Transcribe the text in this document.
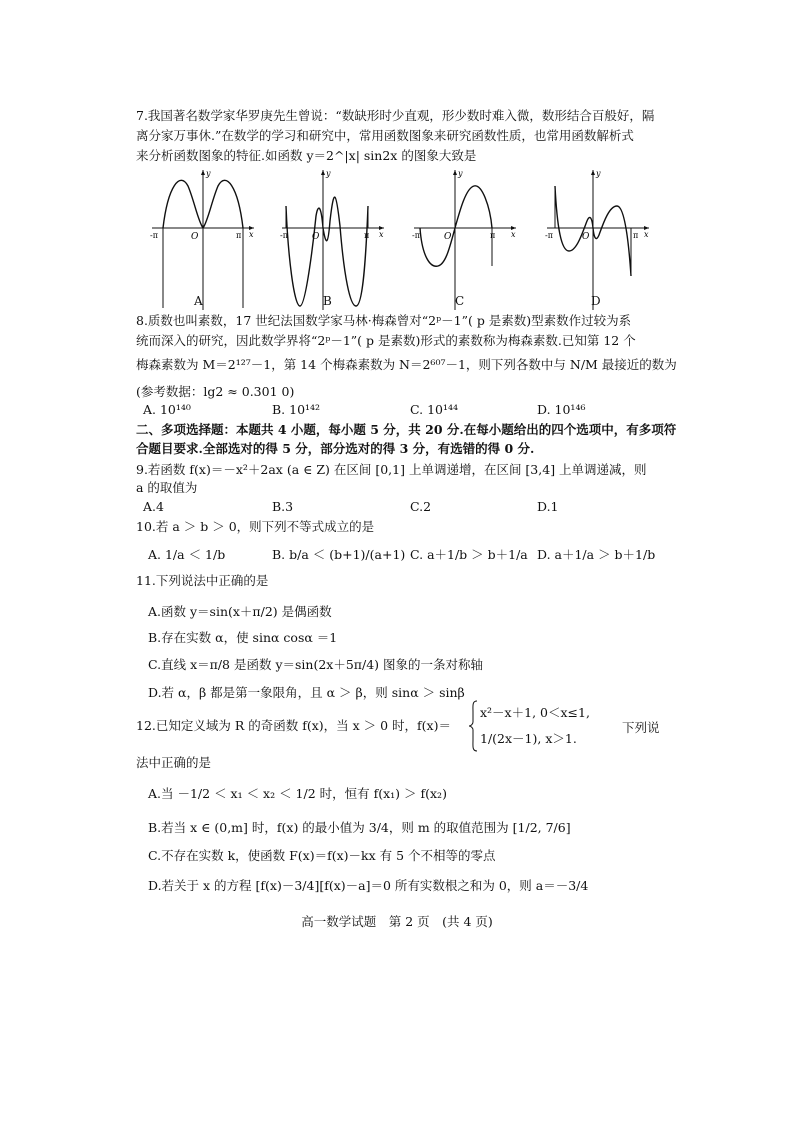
7.我国著名数学家华罗庚先生曾说：“数缺形时少直观，形少数时难入微，数形结合百般好，隔
离分家万事休.”在数学的学习和研究中，常用函数图象来研究函数性质，也常用函数解析式
来分析函数图象的特征.如函数 y＝2^|x| sin2x 的图象大致是
-π	π
O	x
y
-π	π
O	x
y
-π	π
O	x
y
-π	π
O	x
y
A	B	C	D
8.质数也叫素数，17 世纪法国数学家马林·梅森曾对“2ᵖ－1”( p 是素数)型素数作过较为系
统而深入的研究，因此数学界将“2ᵖ－1”( p 是素数)形式的素数称为梅森素数.已知第 12 个
梅森素数为 M＝2¹²⁷－1，第 14 个梅森素数为 N＝2⁶⁰⁷－1，则下列各数中与 N/M 最接近的数为
(参考数据：lg2 ≈ 0.301 0)
A. 10¹⁴⁰	B. 10¹⁴²	C. 10¹⁴⁴	D. 10¹⁴⁶
二、多项选择题：本题共 4 小题，每小题 5 分，共 20 分.在每小题给出的四个选项中，有多项符
合题目要求.全部选对的得 5 分，部分选对的得 3 分，有选错的得 0 分.
9.若函数 f(x)＝－x²＋2ax (a ∈ Z) 在区间 [0,1] 上单调递增，在区间 [3,4] 上单调递减，则
a 的取值为
A.4	B.3	C.2	D.1
10.若 a ＞ b ＞ 0，则下列不等式成立的是
A. 1/a ＜ 1/b	B. b/a ＜ (b+1)/(a+1) C. a＋1/b ＞ b＋1/a D. a＋1/a ＞ b＋1/b
11.下列说法中正确的是
A.函数 y＝sin(x＋π/2) 是偶函数
B.存在实数 α，使 sinα cosα ＝1
C.直线 x＝π/8 是函数 y＝sin(2x＋5π/4) 图象的一条对称轴
D.若 α，β 都是第一象限角，且 α ＞ β，则 sinα ＞ sinβ
12.已知定义域为 R 的奇函数 f(x)，当 x ＞ 0 时，f(x)＝
x²－x＋1, 0＜x≤1,
1/(2x－1), x＞1.
下列说
法中正确的是
A.当 －1/2 ＜ x₁ ＜ x₂ ＜ 1/2 时，恒有 f(x₁) ＞ f(x₂)
B.若当 x ∈ (0,m] 时，f(x) 的最小值为 3/4，则 m 的取值范围为 [1/2, 7/6]
C.不存在实数 k，使函数 F(x)＝f(x)－kx 有 5 个不相等的零点
D.若关于 x 的方程 [f(x)－3/4][f(x)－a]＝0 所有实数根之和为 0，则 a＝－3/4
高一数学试题　第 2 页　(共 4 页)
